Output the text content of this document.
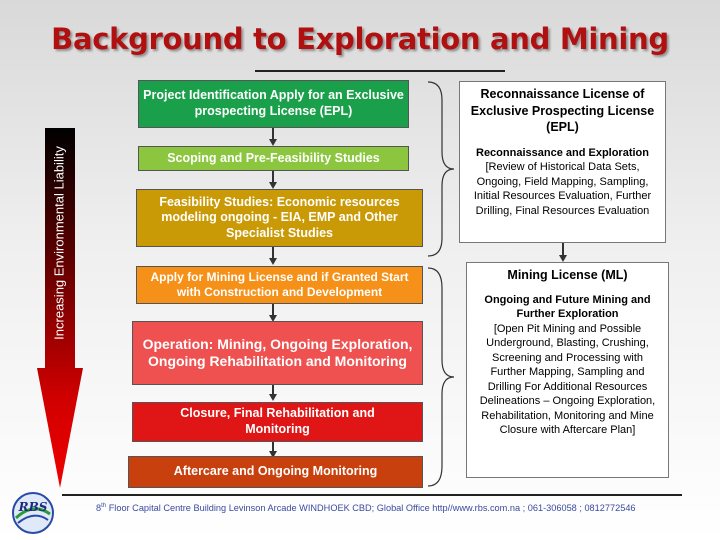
Background to Exploration and Mining
Increasing Environmental Liability
Project Identification Apply for an Exclusive prospecting License (EPL)
Scoping and Pre-Feasibility Studies
Feasibility Studies: Economic resources modeling ongoing - EIA, EMP and Other Specialist Studies
Apply for Mining License and if Granted Start with Construction and Development
Operation: Mining, Ongoing Exploration, Ongoing Rehabilitation and Monitoring
Closure, Final Rehabilitation and Monitoring
Aftercare and Ongoing Monitoring
Reconnaissance License of Exclusive Prospecting License (EPL)
Reconnaissance and Exploration
[Review of Historical Data Sets, Ongoing, Field Mapping, Sampling, Initial Resources Evaluation, Further Drilling, Final Resources Evaluation
Mining License (ML)
Ongoing and Future Mining and Further Exploration
[Open Pit Mining and Possible Underground, Blasting, Crushing, Screening and Processing with Further Mapping, Sampling and Drilling For Additional Resources Delineations – Ongoing Exploration, Rehabilitation, Monitoring and Mine Closure with Aftercare Plan]
RBS	8th Floor Capital Centre Building Levinson Arcade WINDHOEK CBD; Global Office http//www.rbs.com.na ; 061-306058 ; 0812772546
